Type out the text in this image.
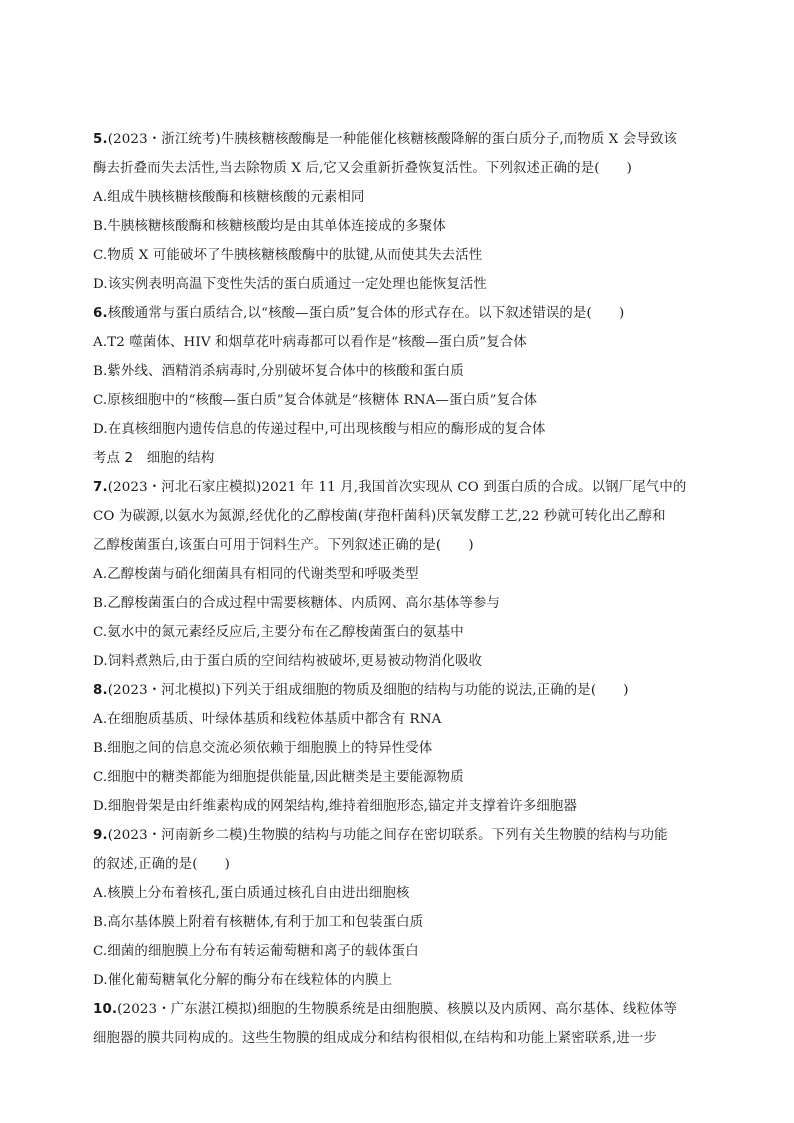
5.(2023・浙江统考)牛胰核糖核酸酶是一种能催化核糖核酸降解的蛋白质分子,而物质 X 会导致该
酶去折叠而失去活性,当去除物质 X 后,它又会重新折叠恢复活性。下列叙述正确的是(　　)
A.组成牛胰核糖核酸酶和核糖核酸的元素相同
B.牛胰核糖核酸酶和核糖核酸均是由其单体连接成的多聚体
C.物质 X 可能破坏了牛胰核糖核酸酶中的肽键,从而使其失去活性
D.该实例表明高温下变性失活的蛋白质通过一定处理也能恢复活性
6.核酸通常与蛋白质结合,以“核酸—蛋白质”复合体的形式存在。以下叙述错误的是(　　)
A.T2 噬菌体、HIV 和烟草花叶病毒都可以看作是“核酸—蛋白质”复合体
B.紫外线、酒精消杀病毒时,分别破坏复合体中的核酸和蛋白质
C.原核细胞中的“核酸—蛋白质”复合体就是“核糖体 RNA—蛋白质”复合体
D.在真核细胞内遗传信息的传递过程中,可出现核酸与相应的酶形成的复合体
考点 2　细胞的结构
7.(2023・河北石家庄模拟)2021 年 11 月,我国首次实现从 CO 到蛋白质的合成。以钢厂尾气中的
CO 为碳源,以氨水为氮源,经优化的乙醇梭菌(芽孢杆菌科)厌氧发酵工艺,22 秒就可转化出乙醇和
乙醇梭菌蛋白,该蛋白可用于饲料生产。下列叙述正确的是(　　)
A.乙醇梭菌与硝化细菌具有相同的代谢类型和呼吸类型
B.乙醇梭菌蛋白的合成过程中需要核糖体、内质网、高尔基体等参与
C.氨水中的氮元素经反应后,主要分布在乙醇梭菌蛋白的氨基中
D.饲料煮熟后,由于蛋白质的空间结构被破坏,更易被动物消化吸收
8.(2023・河北模拟)下列关于组成细胞的物质及细胞的结构与功能的说法,正确的是(　　)
A.在细胞质基质、叶绿体基质和线粒体基质中都含有 RNA
B.细胞之间的信息交流必须依赖于细胞膜上的特异性受体
C.细胞中的糖类都能为细胞提供能量,因此糖类是主要能源物质
D.细胞骨架是由纤维素构成的网架结构,维持着细胞形态,锚定并支撑着许多细胞器
9.(2023・河南新乡二模)生物膜的结构与功能之间存在密切联系。下列有关生物膜的结构与功能
的叙述,正确的是(　　)
A.核膜上分布着核孔,蛋白质通过核孔自由进出细胞核
B.高尔基体膜上附着有核糖体,有利于加工和包装蛋白质
C.细菌的细胞膜上分布有转运葡萄糖和离子的载体蛋白
D.催化葡萄糖氧化分解的酶分布在线粒体的内膜上
10.(2023・广东湛江模拟)细胞的生物膜系统是由细胞膜、核膜以及内质网、高尔基体、线粒体等
细胞器的膜共同构成的。这些生物膜的组成成分和结构很相似,在结构和功能上紧密联系,进一步
